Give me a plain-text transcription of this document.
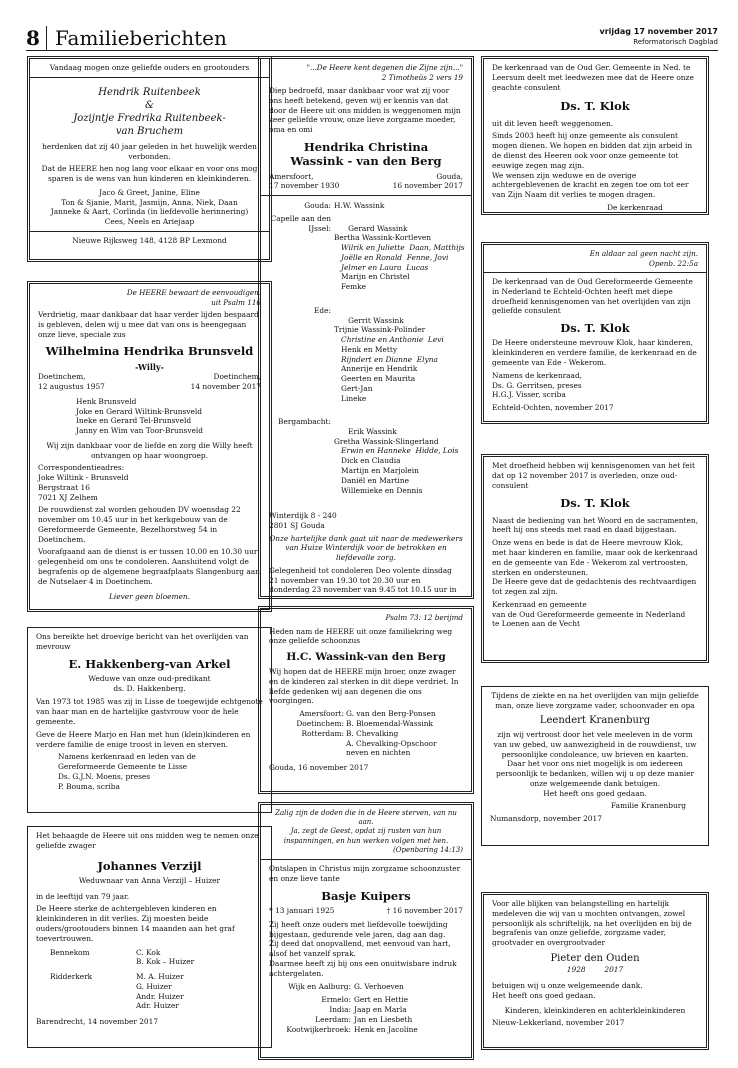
8 Familieberichten	vrijdag 17 november 2017
Reformatorisch Dagblad

Vandaag mogen onze geliefde ouders en grootouders

Hendrik Ruitenbeek
&
Jozijntje Fredrika Ruitenbeek-
van Bruchem

herdenken dat zij 40 jaar geleden in het huwelijk werden verbonden.

Dat de HEERE hen nog lang voor elkaar en voor ons mog sparen is de wens van hun kinderen en kleinkinderen.

Jaco & Greet, Janine, Eline
Ton & Sjanie, Marit, Jasmijn, Anna, Niek, Daan
Janneke & Aart, Corlinda (in liefdevolle herinnering)
Cees, Neels en Ariejaap

Nieuwe Rijksweg 148, 4128 BP Lexmond

De HEERE bewaart de eenvoudigen.
uit Psalm 116

Verdrietig, maar dankbaar dat haar verder lijden bespaard is gebleven, delen wij u mee dat van ons is heengegaan onze lieve, speciale zus

Wilhelmina Hendrika Brunsveld
-Willy-
Doetinchem,
12 augustus 1957
Doetinchem,
14 november 2017

Henk Brunsveld
Joke en Gerard Wiltink-Brunsveld
Ineke en Gerard Tel-Brunsveld
Janny en Wim van Toor-Brunsveld

Wij zijn dankbaar voor de liefde en zorg die Willy heeft ontvangen op haar woongroep.

Correspondentieadres:
Joke Wiltink - Brunsveld
Bergstraat 16
7021 XJ Zelhem

De rouwdienst zal worden gehouden DV woensdag 22 november om 10.45 uur in het kerkgebouw van de Gereformeerde Gemeente, Bezelhorstweg 54 in Doetinchem.

Voorafgaand aan de dienst is er tussen 10.00 en 10.30 uur gelegenheid om ons te condoleren. Aansluitend volgt de begrafenis op de algemene begraafplaats Slangenburg aan de Nutselaer 4 in Doetinchem.

Liever geen bloemen.

Ons bereikte het droevige bericht van het overlijden van mevrouw

E. Hakkenberg-van Arkel
Weduwe van onze oud-predikant
ds. D. Hakkenberg.

Van 1973 tot 1985 was zij in Lisse de toegewijde echtgenote van haar man en de hartelijke gastvrouw voor de hele gemeente.

Geve de Heere Marjo en Han met hun (klein)kinderen en verdere familie de enige troost in leven en sterven.

Namens kerkenraad en leden van de
Gereformeerde Gemeente te Lisse
Ds. G.J.N. Moens, preses
P. Bouma, scriba

Het behaagde de Heere uit ons midden weg te nemen onze geliefde zwager

Johannes Verzijl
Weduwnaar van Anna Verzijl – Huizer

in de leeftijd van 79 jaar.

De Heere sterke de achtergebleven kinderen en kleinkinderen in dit verlies. Zij moesten beide ouders/grootouders binnen 14 maanden aan het graf toevertrouwen.

Bennekom	C. Kok
B. Kok – Huizer
Ridderkerk	M. A. Huizer
G. Huizer
Andr. Huizer
Adr. Huizer

Barendrecht, 14 november 2017

"...De Heere kent degenen die Zijne zijn..."
2 Timotheüs 2 vers 19

Diep bedroefd, maar dankbaar voor wat zij voor ons heeft betekend, geven wij er kennis van dat door de Heere uit ons midden is weggenomen mijn zeer geliefde vrouw, onze lieve zorgzame moeder, oma en omi

Hendrika Christina
Wassink - van den Berg
Amersfoort,
17 november 1930
Gouda,
16 november 2017
Gouda: H.W. Wassink
Capelle aan den IJssel:	Gerard Wassink
Bertha Wassink-Kortleven
Wilrik en Juliette  Daan, Matthijs
Joëlle en Ronald  Fenne, Jovi
Jelmer en Laura  Lucas
Marijn en Christel
Femke

Ede:

Gerrit Wassink
Trijnie Wassink-Polinder
Christine en Anthonie  Levi
Henk en Metty
Rijndert en Dianne  Elyna
Annerije en Hendrik
Geerten en Maurita
Gert-Jan
Lineke

Bergambacht:

Erik Wassink
Gretha Wassink-Slingerland
Erwin en Hanneke  Hidde, Lois
Dick en Claudia
Martijn en Marjolein
Daniël en Martine
Willemieke en Dennis

Winterdijk 8 - 240
2801 SJ Gouda

Onze hartelijke dank gaat uit naar de medewerkers van Huize Winterdijk voor de betrokken en liefdevolle zorg.

Gelegenheid tot condoleren Deo volente dinsdag 21 november van 19.30 tot 20.30 uur en donderdag 23 november van 9.45 tot 10.15 uur in

Psalm 73: 12 berijmd

Heden nam de HEERE uit onze familiekring weg onze geliefde schoonzus

H.C. Wassink-van den Berg

Wij hopen dat de HEERE mijn broer, onze zwager en de kinderen zal sterken in dit diepe verdriet. In liefde gedenken wij aan degenen die ons voorgingen.

Amersfoort: G. van den Berg-Ponsen
Doetinchem: B. Bloemendal-Wassink
Rotterdam: B. Chevalking
A. Chevalking-Opschoor
neven en nichten

Gouda, 16 november 2017

Zalig zijn de doden die in de Heere sterven, van nu aan.
Ja, zegt de Geest, opdat zij rusten van hun
inspanningen, en hun werken volgen met hen.
(Openbaring 14:13)

Ontslapen in Christus mijn zorgzame schoonzuster en onze lieve tante

Basje Kuipers
* 13 januari 1925	† 16 november 2017

Zij heeft onze ouders met liefdevolle toewijding bijgestaan, gedurende vele jaren, dag aan dag.

Zij deed dat onopvallend, met eenvoud van hart, alsof het vanzelf sprak.

Daarmee heeft zij bij ons een onuitwisbare indruk achtergelaten.

Wijk en Aalburg: G. Verhoeven
Ermelo: Gert en Hettie
India: Jaap en Marla
Leerdam: Jan en Liesbeth
Kootwijkerbroek: Henk en Jacoline

De kerkenraad van de Oud Ger. Gemeente in Ned. te Leersum deelt met leedwezen mee dat de Heere onze geachte consulent

Ds. T. Klok

uit dit leven heeft weggenomen.

Sinds 2003 heeft hij onze gemeente als consulent mogen dienen. We hopen en bidden dat zijn arbeid in de dienst des Heeren ook voor onze gemeente tot eeuwige zegen mag zijn.

We wensen zijn weduwe en de overige achtergeblevenen de kracht en zegen toe om tot eer van Zijn Naam dit verlies te mogen dragen.

De kerkenraad

En aldaar zal geen nacht zijn.
Openb. 22:5a

De kerkenraad van de Oud Gereformeerde Gemeente in Nederland te Echteld-Ochten heeft met diepe droefheid kennisgenomen van het overlijden van zijn geliefde consulent

Ds. T. Klok

De Heere ondersteune mevrouw Klok, haar kinderen, kleinkinderen en verdere familie, de kerkenraad en de gemeente van Ede - Wekerom.

Namens de kerkenraad,
Ds. G. Gerritsen, preses
H.G.J. Visser, scriba

Echteld-Ochten, november 2017

Met droefheid hebben wij kennisgenomen van het feit dat op 12 november 2017 is overleden, onze oud-consulent

Ds. T. Klok

Naast de bediening van het Woord en de sacramenten, heeft hij ons steeds met raad en daad bijgestaan.

Onze wens en bede is dat de Heere mevrouw Klok, met haar kinderen en familie, maar ook de kerkenraad en de gemeente van Ede - Wekerom zal vertroosten, sterken en ondersteunen.

De Heere geve dat de gedachtenis des rechtvaardigen tot zegen zal zijn.

Kerkenraad en gemeente
van de Oud Gereformeerde gemeente in Nederland
te Loenen aan de Vecht

Tijdens de ziekte en na het overlijden van mijn geliefde man, onze lieve zorgzame vader, schoonvader en opa

Leendert Kranenburg

zijn wij vertroost door het vele meeleven in de vorm van uw gebed, uw aanwezigheid in de rouwdienst, uw persoonlijke condoleance, uw brieven en kaarten.

Daar het voor ons niet mogelijk is om iedereen persoonlijk te bedanken, willen wij u op deze manier onze welgemeende dank betuigen.

Het heeft ons goed gedaan.

Familie Kranenburg

Numansdorp, november 2017

Voor alle blijken van belangstelling en hartelijk medeleven die wij van u mochten ontvangen, zowel persoonlijk als schriftelijk, na het overlijden en bij de begrafenis van onze geliefde, zorgzame vader, grootvader en overgrootvader

Pieter den Ouden
1928	2017

betuigen wij u onze welgemeende dank.

Het heeft ons goed gedaan.

Kinderen, kleinkinderen en achterkleinkinderen

Nieuw-Lekkerland, november 2017
